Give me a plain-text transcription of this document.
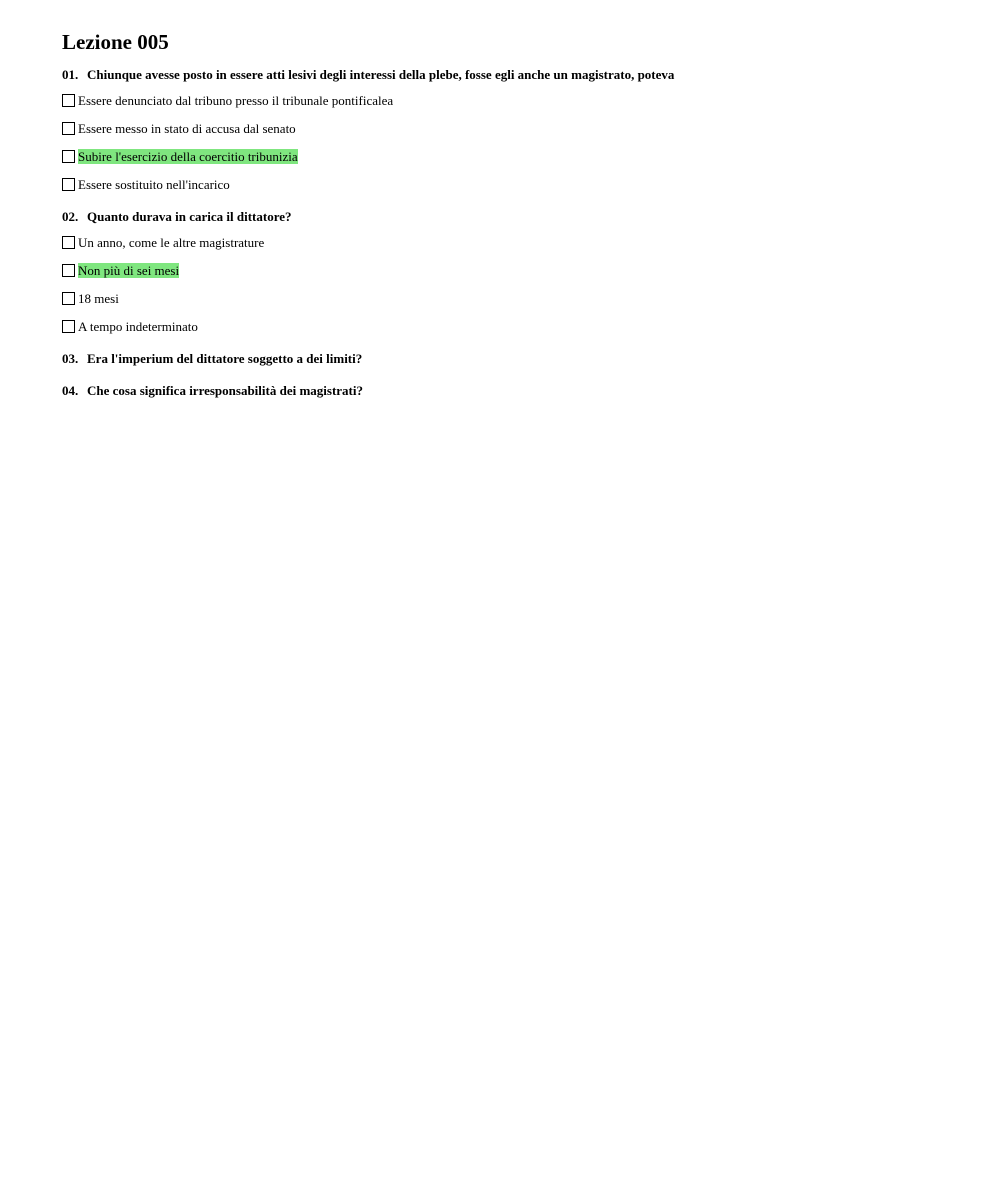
Lezione 005

01. Chiunque avesse posto in essere atti lesivi degli interessi della plebe, fosse egli anche un magistrato, poteva

Essere denunciato dal tribuno presso il tribunale pontificalea
Essere messo in stato di accusa dal senato
Subire l'esercizio della coercitio tribunizia
Essere sostituito nell'incarico

02. Quanto durava in carica il dittatore?

Un anno, come le altre magistrature
Non più di sei mesi
18 mesi
A tempo indeterminato

03. Era l'imperium del dittatore soggetto a dei limiti?

04. Che cosa significa irresponsabilità dei magistrati?
